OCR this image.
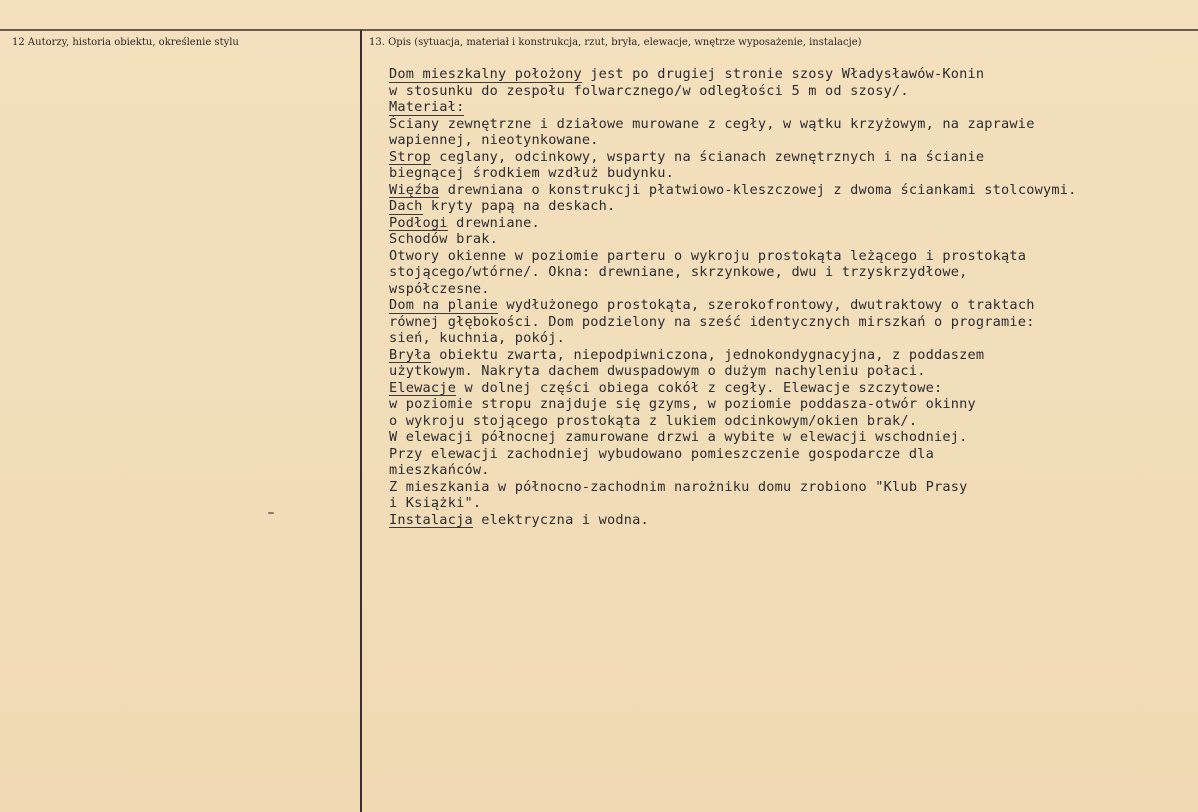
12 Autorzy, historia obiektu, określenie stylu	13. Opis (sytuacja, materiał i konstrukcja, rzut, bryła, elewacje, wnętrze wyposażenie, instalacje)
Dom mieszkalny położony jest po drugiej stronie szosy Władysławów-Konin
w stosunku do zespołu folwarcznego/w odległości 5 m od szosy/.
Materiał:
Ściany zewnętrzne i działowe murowane z cegły, w wątku krzyżowym, na zaprawie
wapiennej, nieotynkowane.
Strop ceglany, odcinkowy, wsparty na ścianach zewnętrznych i na ścianie
biegnącej środkiem wzdłuż budynku.
Więźba drewniana o konstrukcji płatwiowo-kleszczowej z dwoma ściankami stolcowymi.
Dach kryty papą na deskach.
Podłogi drewniane.
Schodów brak.
Otwory okienne w poziomie parteru o wykroju prostokąta leżącego i prostokąta
stojącego/wtórne/. Okna: drewniane, skrzynkowe, dwu i trzyskrzydłowe,
współczesne.
Dom na planie wydłużonego prostokąta, szerokofrontowy, dwutraktowy o traktach
równej głębokości. Dom podzielony na sześć identycznych mirszkań o programie:
sień, kuchnia, pokój.
Bryła obiektu zwarta, niepodpiwniczona, jednokondygnacyjna, z poddaszem
użytkowym. Nakryta dachem dwuspadowym o dużym nachyleniu połaci.
Elewacje w dolnej części obiega cokół z cegły. Elewacje szczytowe:
w poziomie stropu znajduje się gzyms, w poziomie poddasza-otwór okinny
o wykroju stojącego prostokąta z lukiem odcinkowym/okien brak/.
W elewacji północnej zamurowane drzwi a wybite w elewacji wschodniej.
Przy elewacji zachodniej wybudowano pomieszczenie gospodarcze dla
mieszkańców.
Z mieszkania w północno-zachodnim narożniku domu zrobiono "Klub Prasy
i Książki".
Instalacja elektryczna i wodna.
